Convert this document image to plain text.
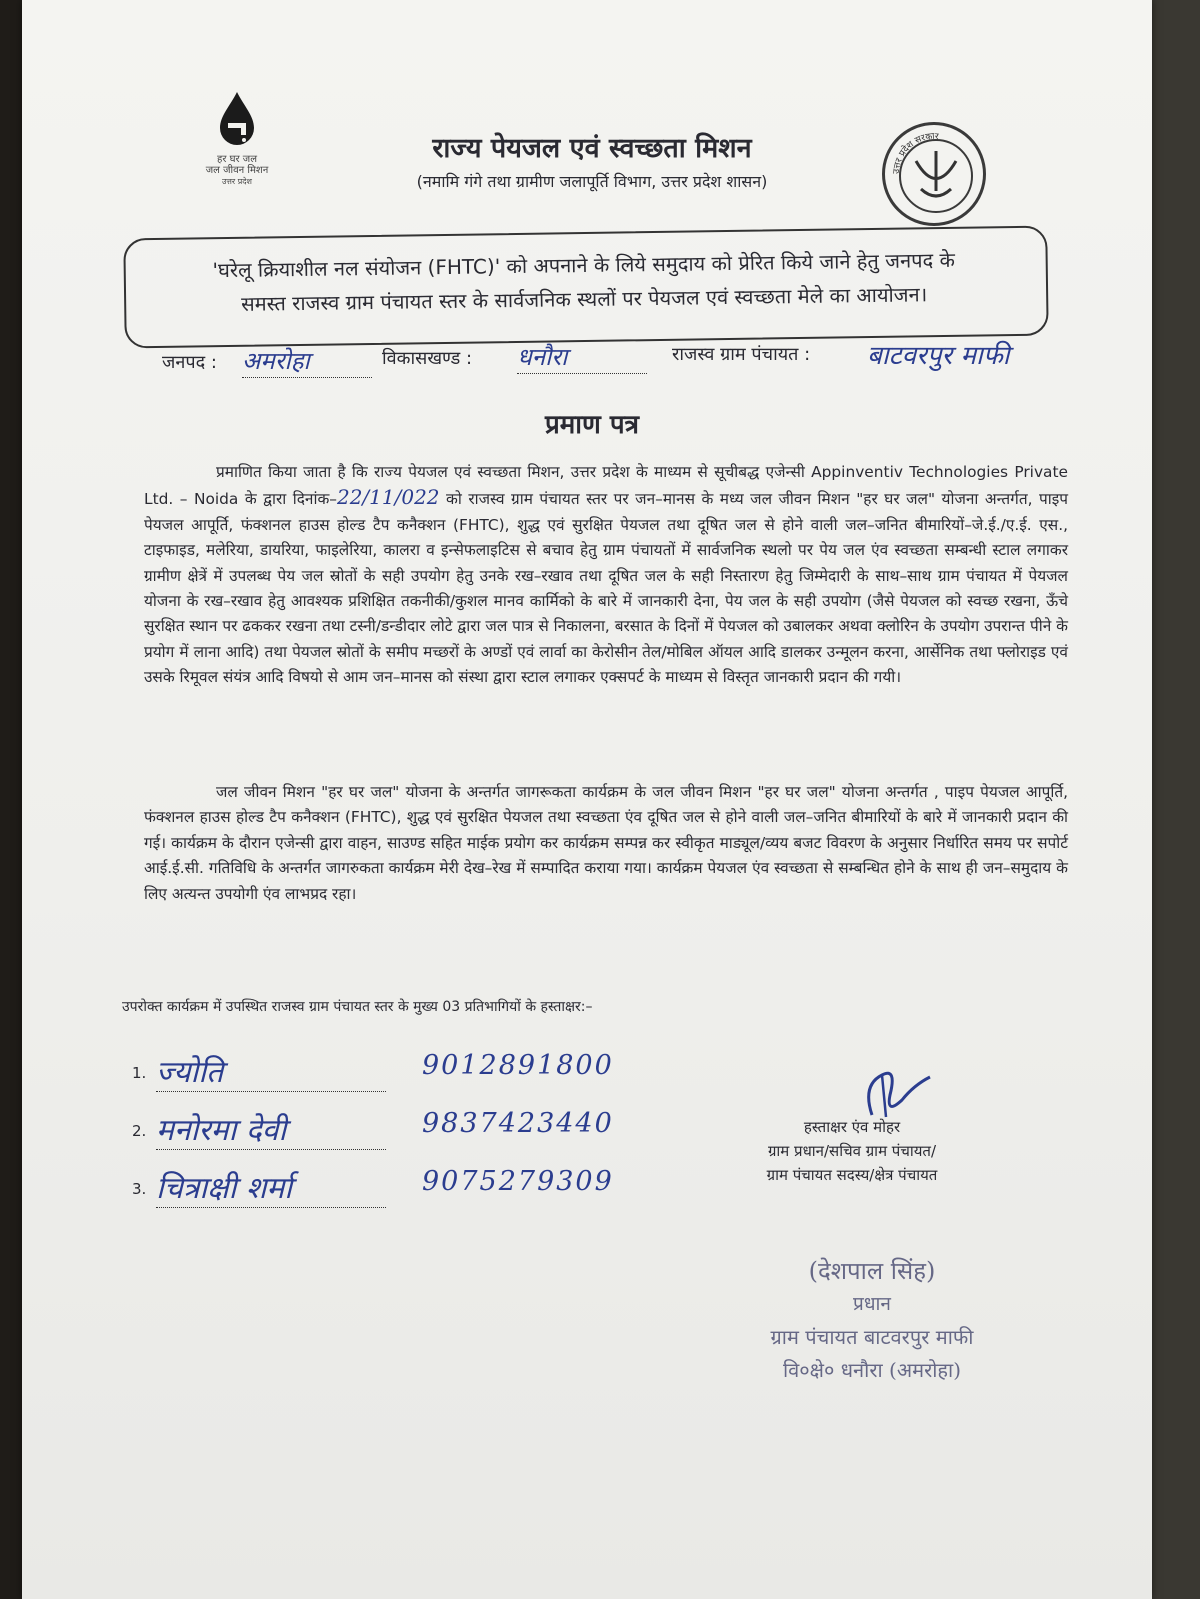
हर घर जल
जल जीवन मिशन
उत्तर प्रदेश
उत्तर प्रदेश सरकार
राज्य पेयजल एवं स्वच्छता मिशन
(नमामि गंगे तथा ग्रामीण जलापूर्ति विभाग, उत्तर प्रदेश शासन)
'घरेलू क्रियाशील नल संयोजन (FHTC)' को अपनाने के लिये समुदाय को प्रेरित किये जाने हेतु जनपद के
समस्त राजस्व ग्राम पंचायत स्तर के सार्वजनिक स्थलों पर पेयजल एवं स्वच्छता मेले का आयोजन।
जनपद : अमरोहा	विकासखण्ड : धनौरा	राजस्व ग्राम पंचायत : बाटवरपुर माफी
प्रमाण पत्र
प्रमाणित किया जाता है कि राज्य पेयजल एवं स्वच्छता मिशन, उत्तर प्रदेश के माध्यम से सूचीबद्ध एजेन्सी Appinventiv Technologies Private Ltd. – Noida के द्वारा दिनांक–22/11/022 को राजस्व ग्राम पंचायत स्तर पर जन–मानस के मध्य जल जीवन मिशन "हर घर जल" योजना अन्तर्गत, पाइप पेयजल आपूर्ति, फंक्शनल हाउस होल्ड टैप कनैक्शन (FHTC), शुद्ध एवं सुरक्षित पेयजल तथा दूषित जल से होने वाली जल–जनित बीमारियों–जे.ई./ए.ई. एस., टाइफाइड, मलेरिया, डायरिया, फाइलेरिया, कालरा व इन्सेफलाइटिस से बचाव हेतु ग्राम पंचायतों में सार्वजनिक स्थलो पर पेय जल एंव स्वच्छता सम्बन्धी स्टाल लगाकर ग्रामीण क्षेत्रें में उपलब्ध पेय जल स्रोतों के सही उपयोग हेतु उनके रख–रखाव तथा दूषित जल के सही निस्तारण हेतु जिम्मेदारी के साथ–साथ ग्राम पंचायत में पेयजल योजना के रख–रखाव हेतु आवश्यक प्रशिक्षित तकनीकी/कुशल मानव कार्मिको के बारे में जानकारी देना, पेय जल के सही उपयोग (जैसे पेयजल को स्वच्छ रखना, ऊँचे सुरक्षित स्थान पर ढककर रखना तथा टस्नी/डन्डीदार लोटे द्वारा जल पात्र से निकालना, बरसात के दिनों में पेयजल को उबालकर अथवा क्लोरिन के उपयोग उपरान्त पीने के प्रयोग में लाना आदि) तथा पेयजल स्रोतों के समीप मच्छरों के अण्डों एवं लार्वा का केरोसीन तेल/मोबिल ऑयल आदि डालकर उन्मूलन करना, आर्सेनिक तथा फ्लोराइड एवं उसके रिमूवल संयंत्र आदि विषयो से आम जन–मानस को संस्था द्वारा स्टाल लगाकर एक्सपर्ट के माध्यम से विस्तृत जानकारी प्रदान की गयी।
जल जीवन मिशन "हर घर जल" योजना के अन्तर्गत जागरूकता कार्यक्रम के जल जीवन मिशन "हर घर जल" योजना अन्तर्गत , पाइप पेयजल आपूर्ति, फंक्शनल हाउस होल्ड टैप कनैक्शन (FHTC), शुद्ध एवं सुरक्षित पेयजल तथा स्वच्छता एंव दूषित जल से होने वाली जल–जनित बीमारियों के बारे में जानकारी प्रदान की गई। कार्यक्रम के दौरान एजेन्सी द्वारा वाहन, साउण्ड सहित माईक प्रयोग कर कार्यक्रम सम्पन्न कर स्वीकृत माड्यूल/व्यय बजट विवरण के अनुसार निर्धारित समय पर सपोर्ट आई.ई.सी. गतिविधि के अन्तर्गत जागरुकता कार्यक्रम मेरी देख–रेख में सम्पादित कराया गया। कार्यक्रम पेयजल एंव स्वच्छता से सम्बन्धित होने के साथ ही जन–समुदाय के लिए अत्यन्त उपयोगी एंव लाभप्रद रहा।
उपरोक्त कार्यक्रम में उपस्थित राजस्व ग्राम पंचायत स्तर के मुख्य 03 प्रतिभागियों के हस्ताक्षर:–
1. ज्योति	9012891800
2. मनोरमा देवी	9837423440
3. चित्राक्षी शर्मा	9075279309
हस्ताक्षर एंव मोहर
ग्राम प्रधान/सचिव ग्राम पंचायत/
ग्राम पंचायत सदस्य/क्षेत्र पंचायत
(देशपाल सिंह)
प्रधान
ग्राम पंचायत बाटवरपुर माफी
वि०क्षे० धनौरा (अमरोहा)
